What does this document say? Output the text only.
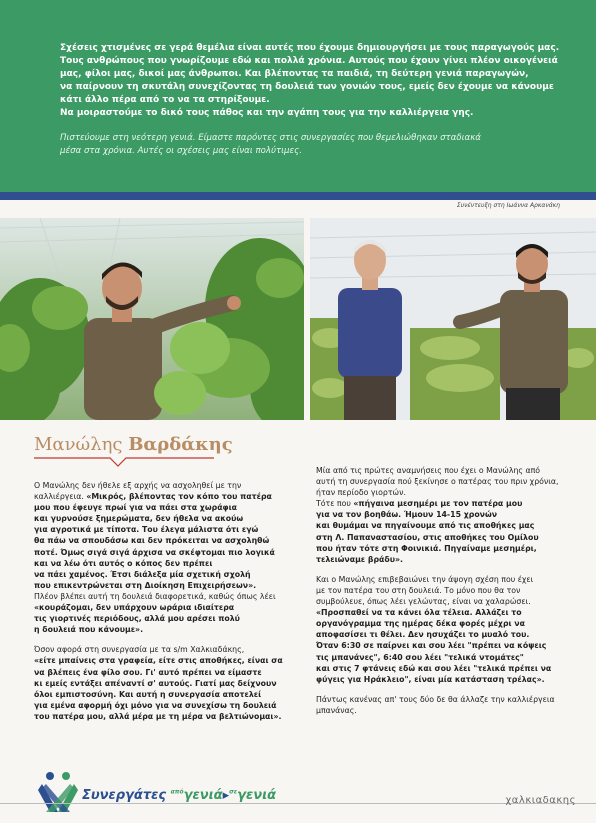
Σχέσεις χτισμένες σε γερά θεμέλια είναι αυτές που έχουμε δημιουργήσει με τους παραγωγούς μας.
Τους ανθρώπους που γνωρίζουμε εδώ και πολλά χρόνια. Αυτούς που έχουν γίνει πλέον οικογένειά
μας, φίλοι μας, δικοί μας άνθρωποι. Και βλέποντας τα παιδιά, τη δεύτερη γενιά παραγωγών,
να παίρνουν τη σκυτάλη συνεχίζοντας τη δουλειά των γονιών τους, εμείς δεν έχουμε να κάνουμε
κάτι άλλο πέρα από το να τα στηρίξουμε.
Να μοιραστούμε το δικό τους πάθος και την αγάπη τους για την καλλιέργεια γης.
Πιστεύουμε στη νεότερη γενιά. Είμαστε παρόντες στις συνεργασίες που θεμελιώθηκαν σταδιακά
μέσα στα χρόνια. Αυτές οι σχέσεις μας είναι πολύτιμες.
Συνέντευξη στη Ιωάννα Αρκανάκη
Μανώλης Βαρδάκης

Ο Μανώλης δεν ήθελε εξ αρχής να ασχοληθεί με την
καλλιέργεια. «Μικρός, βλέποντας τον κόπο του πατέρα
μου που έφευγε πρωί για να πάει στα χωράφια
και γυρνούσε ξημερώματα, δεν ήθελα να ακούω
για αγροτικά με τίποτα. Του έλεγα μάλιστα ότι εγώ
θα πάω να σπουδάσω και δεν πρόκειται να ασχοληθώ
ποτέ. Όμως σιγά σιγά άρχισα να σκέφτομαι πιο λογικά
και να λέω ότι αυτός ο κόπος δεν πρέπει
να πάει χαμένος. Έτσι διάλεξα μία σχετική σχολή
που επικεντρώνεται στη Διοίκηση Επιχειρήσεων».
Πλέον βλέπει αυτή τη δουλειά διαφορετικά, καθώς όπως λέει
«κουράζομαι, δεν υπάρχουν ωράρια ιδιαίτερα
τις γιορτινές περιόδους, αλλά μου αρέσει πολύ
η δουλειά που κάνουμε».

Όσον αφορά στη συνεργασία με τα s/m Χαλκιαδάκης,
«είτε μπαίνεις στα γραφεία, είτε στις αποθήκες, είναι σα
να βλέπεις ένα φίλο σου. Γι' αυτό πρέπει να είμαστε
κι εμείς εντάξει απέναντί σ' αυτούς. Γιατί μας δείχνουν
όλοι εμπιστοσύνη. Και αυτή η συνεργασία αποτελεί
για εμένα αφορμή όχι μόνο για να συνεχίσω τη δουλειά
του πατέρα μου, αλλά μέρα με τη μέρα να βελτιώνομαι».

Μία από τις πρώτες αναμνήσεις που έχει ο Μανώλης από
αυτή τη συνεργασία πού ξεκίνησε ο πατέρας του πριν χρόνια,
ήταν περίοδο γιορτών.
Τότε που «πήγαινα μεσημέρι με τον πατέρα μου
για να τον βοηθάω. Ήμουν 14-15 χρονών
και θυμάμαι να πηγαίνουμε από τις αποθήκες μας
στη Λ. Παπαναστασίου, στις αποθήκες του Ομίλου
που ήταν τότε στη Φοινικιά. Πηγαίναμε μεσημέρι,
τελειώναμε βράδυ».

Και ο Μανώλης επιβεβαιώνει την άψογη σχέση που έχει
με τον πατέρα του στη δουλειά. Το μόνο που θα τον
συμβούλευε, όπως λέει γελώντας, είναι να χαλαρώσει.
«Προσπαθεί να τα κάνει όλα τέλεια. Αλλάζει το
οργανόγραμμα της ημέρας δέκα φορές μέχρι να
αποφασίσει τι θέλει. Δεν ησυχάζει το μυαλό του.
Όταν 6:30 σε παίρνει και σου λέει "πρέπει να κόψεις
τις μπανάνες", 6:40 σου λέει "τελικά ντομάτες"
και στις 7 φτάνεις εδώ και σου λέει "τελικά πρέπει να
φύγεις για Ηράκλειο", είναι μία κατάσταση τρέλας».

Πάντως κανένας απ' τους δύο δε θα άλλαζε την καλλιέργεια
μπανάνας.

Συνεργάτες $^{\alpha\pi ό}$γενιά▸$^{\sigma\varepsilon}$γενιά	χαλκιαδακης
